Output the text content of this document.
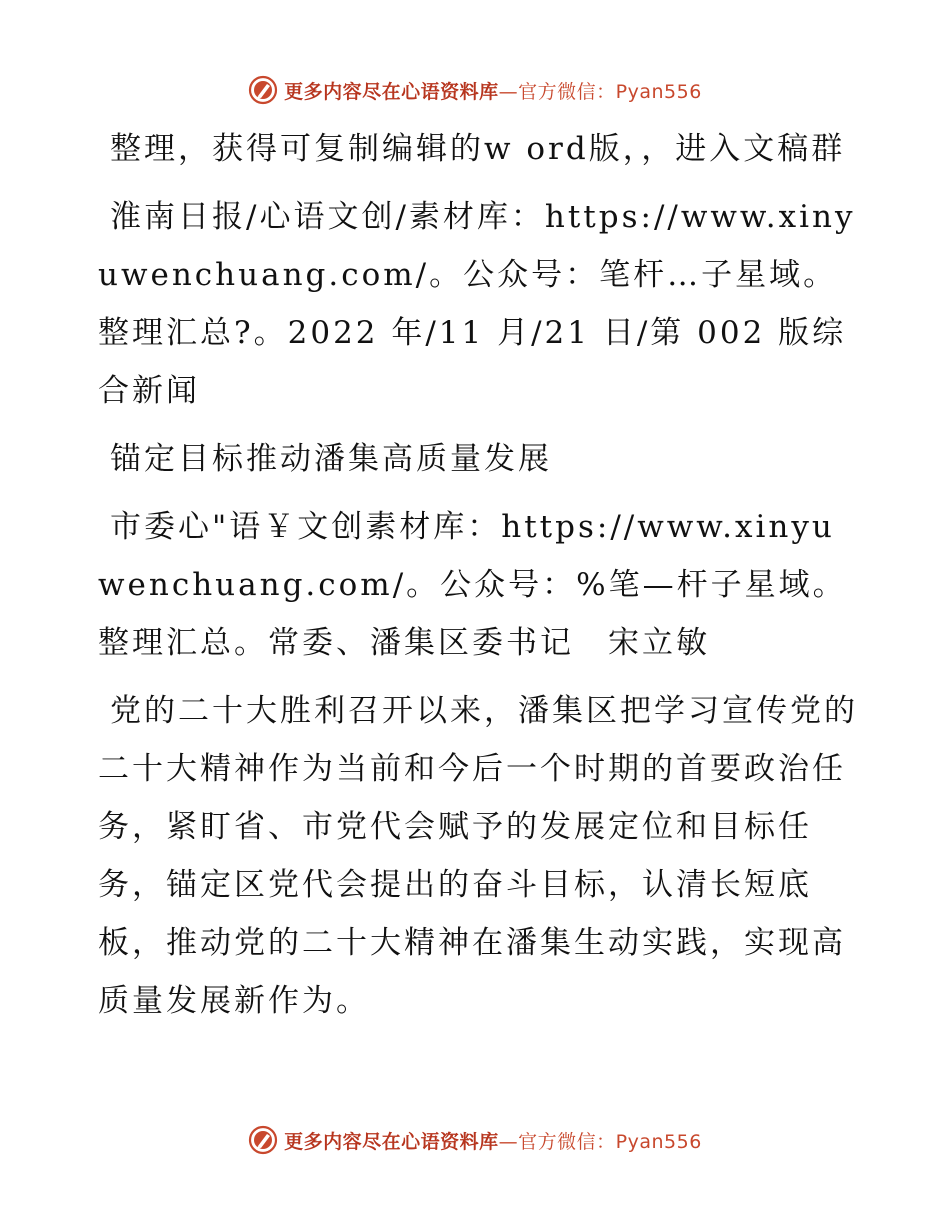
更多内容尽在心语资料库—官方微信：Pyan556

整理，获得可复制编辑的w ord版，，进入文稿群

淮南日报/心语文创/素材库：https://www.xinyuwenchuang.com/。公众号：笔杆…子星域。整理汇总?。2022 年/11 月/21 日/第 002 版综合新闻

锚定目标推动潘集高质量发展

市委心"语￥文创素材库：https://www.xinyuwenchuang.com/。公众号：%笔—杆子星域。整理汇总。常委、潘集区委书记　宋立敏

党的二十大胜利召开以来，潘集区把学习宣传党的二十大精神作为当前和今后一个时期的首要政治任务，紧盯省、市党代会赋予的发展定位和目标任务，锚定区党代会提出的奋斗目标，认清长短底板，推动党的二十大精神在潘集生动实践，实现高质量发展新作为。

更多内容尽在心语资料库—官方微信：Pyan556
